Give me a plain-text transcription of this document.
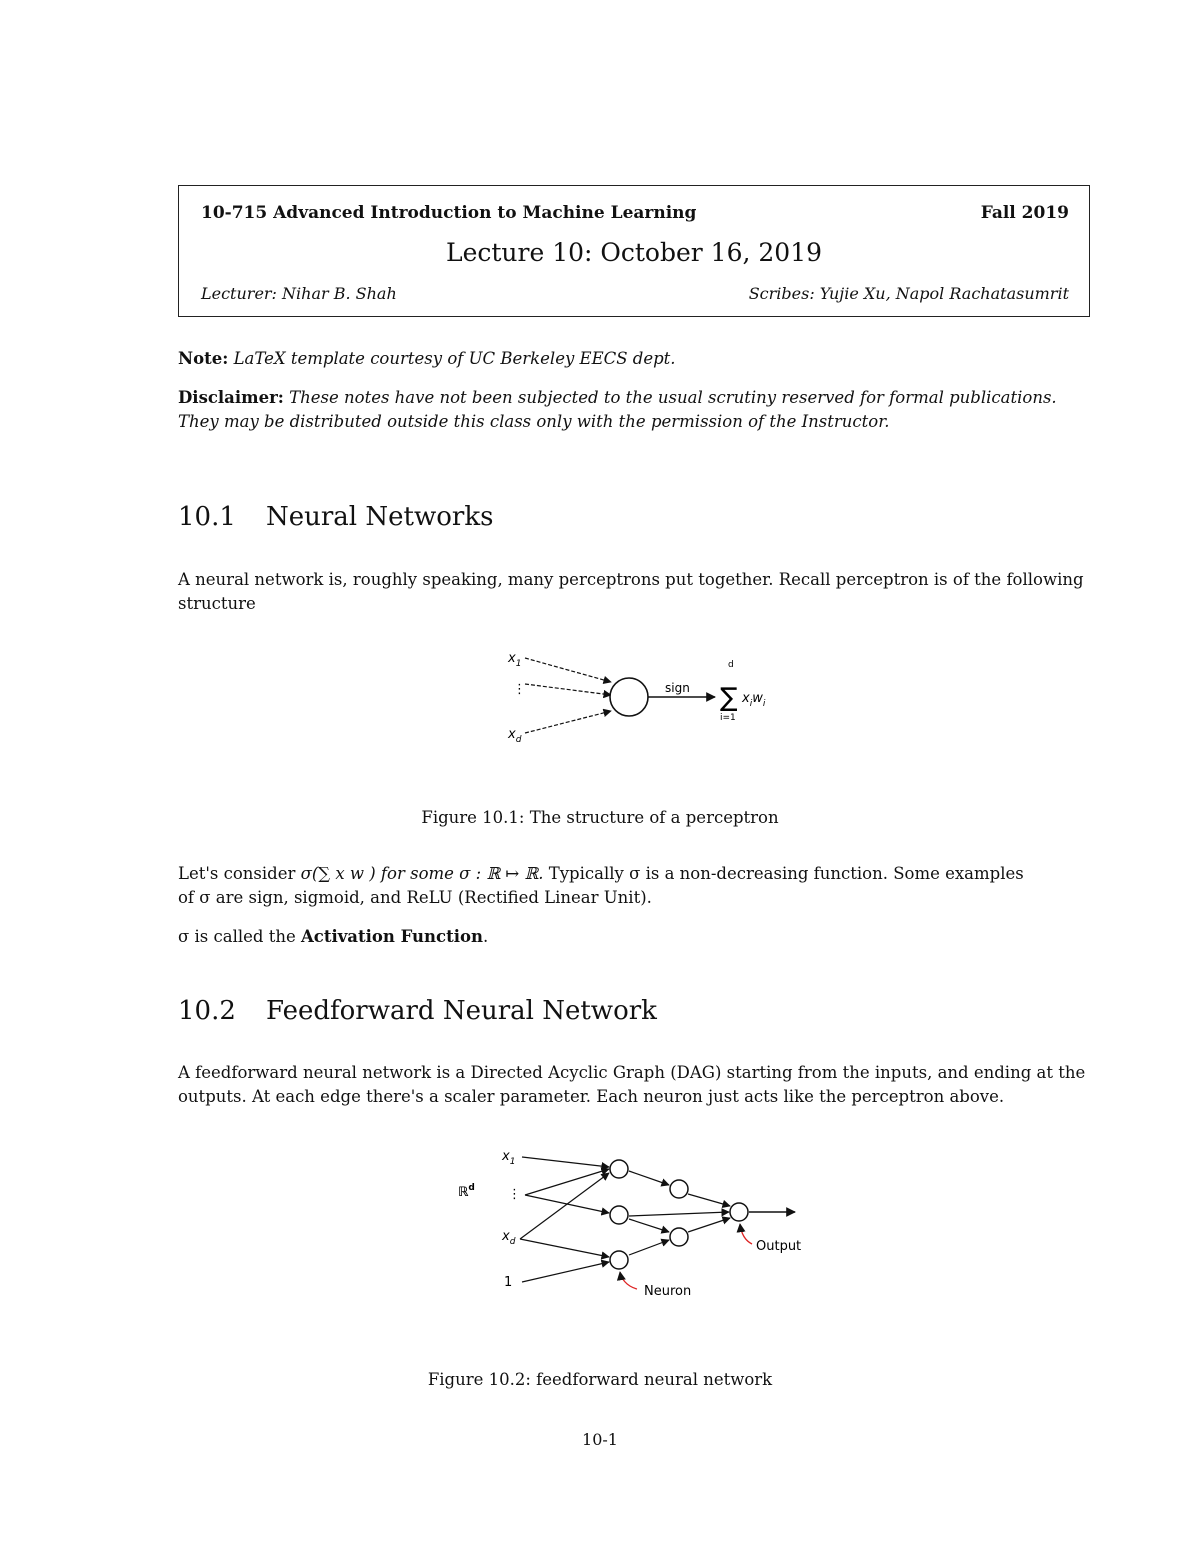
10-715 Advanced Introduction to Machine Learning	Fall 2019
Lecture 10: October 16, 2019
Lecturer: Nihar B. Shah	Scribes: Yujie Xu, Napol Rachatasumrit
Note: LaTeX template courtesy of UC Berkeley EECS dept.
Disclaimer: These notes have not been subjected to the usual scrutiny reserved for formal publications. They may be distributed outside this class only with the permission of the Instructor.
10.1 Neural Networks
A neural network is, roughly speaking, many perceptrons put together. Recall perceptron is of the following structure
$x_1$
⋮
$x_d$
sign
d
∑
i=1
$x_iw_i$
Figure 10.1: The structure of a perceptron
Let's consider σ(∑ x w ) for some σ : ℝ ↦ ℝ. Typically σ is a non-decreasing function. Some examples
of σ are sign, sigmoid, and ReLU (Rectified Linear Unit).
σ is called the Activation Function.
10.2 Feedforward Neural Network
A feedforward neural network is a Directed Acyclic Graph (DAG) starting from the inputs, and ending at the outputs. At each edge there's a scaler parameter. Each neuron just acts like the perceptron above.
ℝ$^d$
$x_1$
⋮
$x_d$
1
Output
Neuron
Figure 10.2: feedforward neural network
10-1
